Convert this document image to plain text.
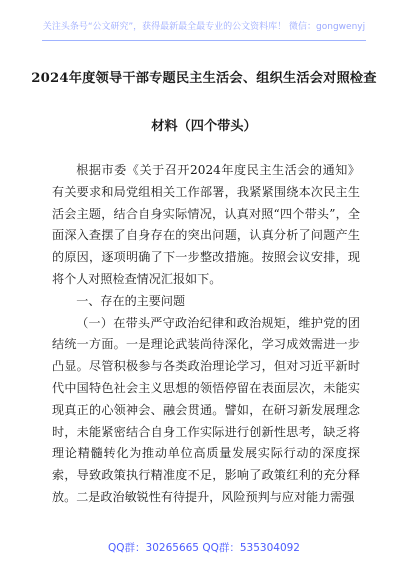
关注头条号“公文研究”，获得最新最全最专业的公文资料库！ 微信：gongwenyj
2024年度领导干部专题民主生活会、组织生活会对照检查
材料（四个带头）

根据市委《关于召开2024年度民主生活会的通知》有关要求和局党组相关工作部署，我紧紧围绕本次民主生活会主题，结合自身实际情况，认真对照“四个带头”，全面深入查摆了自身存在的突出问题，认真分析了问题产生的原因，逐项明确了下一步整改措施。按照会议安排，现将个人对照检查情况汇报如下。

一、存在的主要问题

（一）在带头严守政治纪律和政治规矩，维护党的团结统一方面。一是理论武装尚待深化，学习成效需进一步凸显。尽管积极参与各类政治理论学习，但对习近平新时代中国特色社会主义思想的领悟停留在表面层次，未能实现真正的心领神会、融会贯通。譬如，在研习新发展理念时，未能紧密结合自身工作实际进行创新性思考，缺乏将理论精髓转化为推动单位高质量发展实际行动的深度探索，导致政策执行精准度不足，影响了政策红利的充分释放。二是政治敏锐性有待提升，风险预判与应对能力需强

QQ群：30265665 QQ群：535304092
